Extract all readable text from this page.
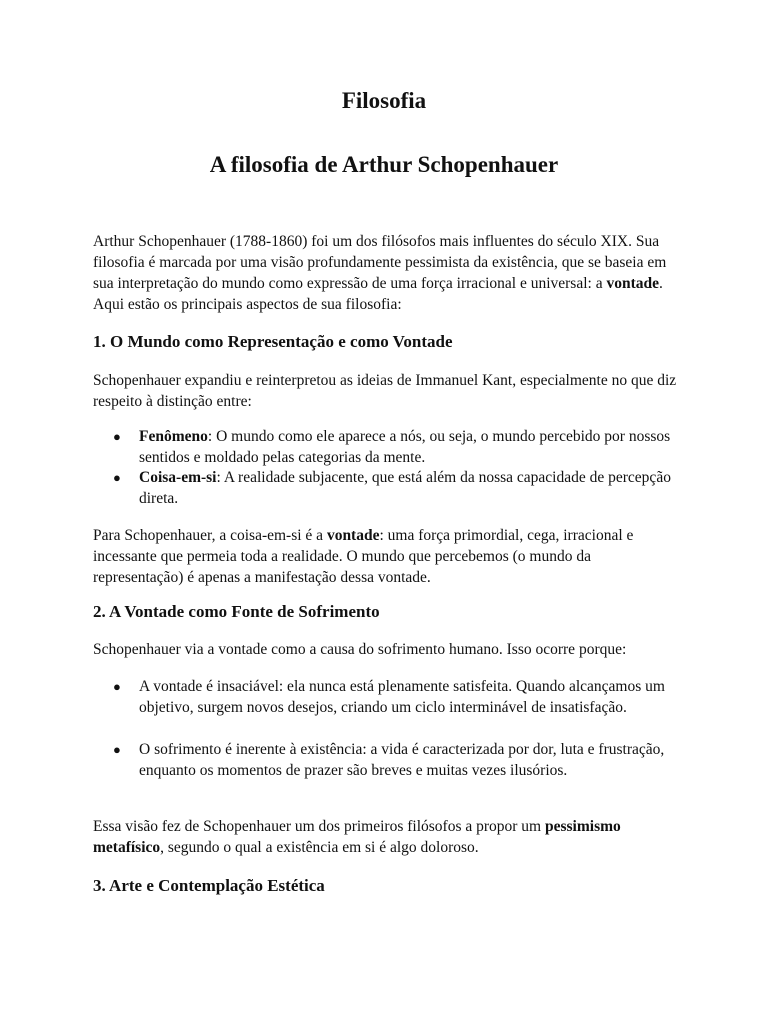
Filosofia
A filosofia de Arthur Schopenhauer

Arthur Schopenhauer (1788-1860) foi um dos filósofos mais influentes do século XIX. Sua filosofia é marcada por uma visão profundamente pessimista da existência, que se baseia em sua interpretação do mundo como expressão de uma força irracional e universal: a vontade. Aqui estão os principais aspectos de sua filosofia:

1. O Mundo como Representação e como Vontade

Schopenhauer expandiu e reinterpretou as ideias de Immanuel Kant, especialmente no que diz respeito à distinção entre:

● Fenômeno: O mundo como ele aparece a nós, ou seja, o mundo percebido por nossos sentidos e moldado pelas categorias da mente.
● Coisa-em-si: A realidade subjacente, que está além da nossa capacidade de percepção direta.

Para Schopenhauer, a coisa-em-si é a vontade: uma força primordial, cega, irracional e incessante que permeia toda a realidade. O mundo que percebemos (o mundo da representação) é apenas a manifestação dessa vontade.

2. A Vontade como Fonte de Sofrimento

Schopenhauer via a vontade como a causa do sofrimento humano. Isso ocorre porque:

● A vontade é insaciável: ela nunca está plenamente satisfeita. Quando alcançamos um objetivo, surgem novos desejos, criando um ciclo interminável de insatisfação.
● O sofrimento é inerente à existência: a vida é caracterizada por dor, luta e frustração, enquanto os momentos de prazer são breves e muitas vezes ilusórios.

Essa visão fez de Schopenhauer um dos primeiros filósofos a propor um pessimismo metafísico, segundo o qual a existência em si é algo doloroso.

3. Arte e Contemplação Estética
